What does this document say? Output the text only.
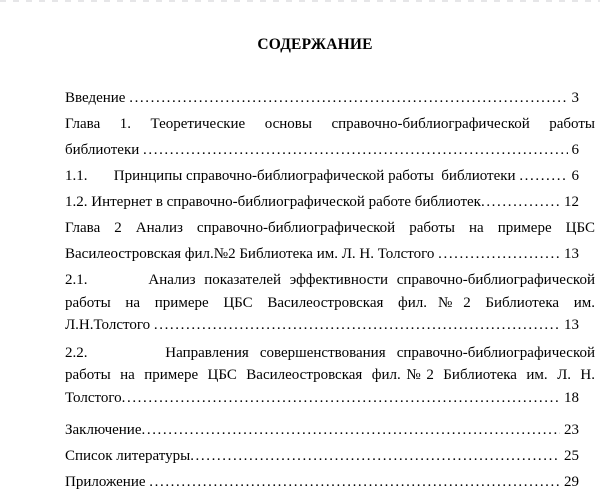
СОДЕРЖАНИЕ
Введение .....	3
Глава 1. Теоретические основы справочно-библиографической работы
библиотеки .....	6
1.1.       Принципы справочно-библиографической работы  библиотеки .....	6
1.2. Интернет в справочно-библиографической работе библиотек .....	12
Глава 2 Анализ справочно-библиографической работы на примере ЦБС
Василеостровская фил.№2 Библиотека им. Л. Н. Толстого .....	13
2.1.       Анализ показателей эффективности справочно-библиографической
работы на примере ЦБС Василеостровская фил.№2 Библиотека им.
Л.Н.Толстого .....	13
2.2.       Направления совершенствования справочно-библиографической
работы на примере ЦБС Василеостровская фил.№2 Библиотека им. Л. Н.
Толстого .....	18
Заключение .....	23
Список литературы .....	25
Приложение .....	29
